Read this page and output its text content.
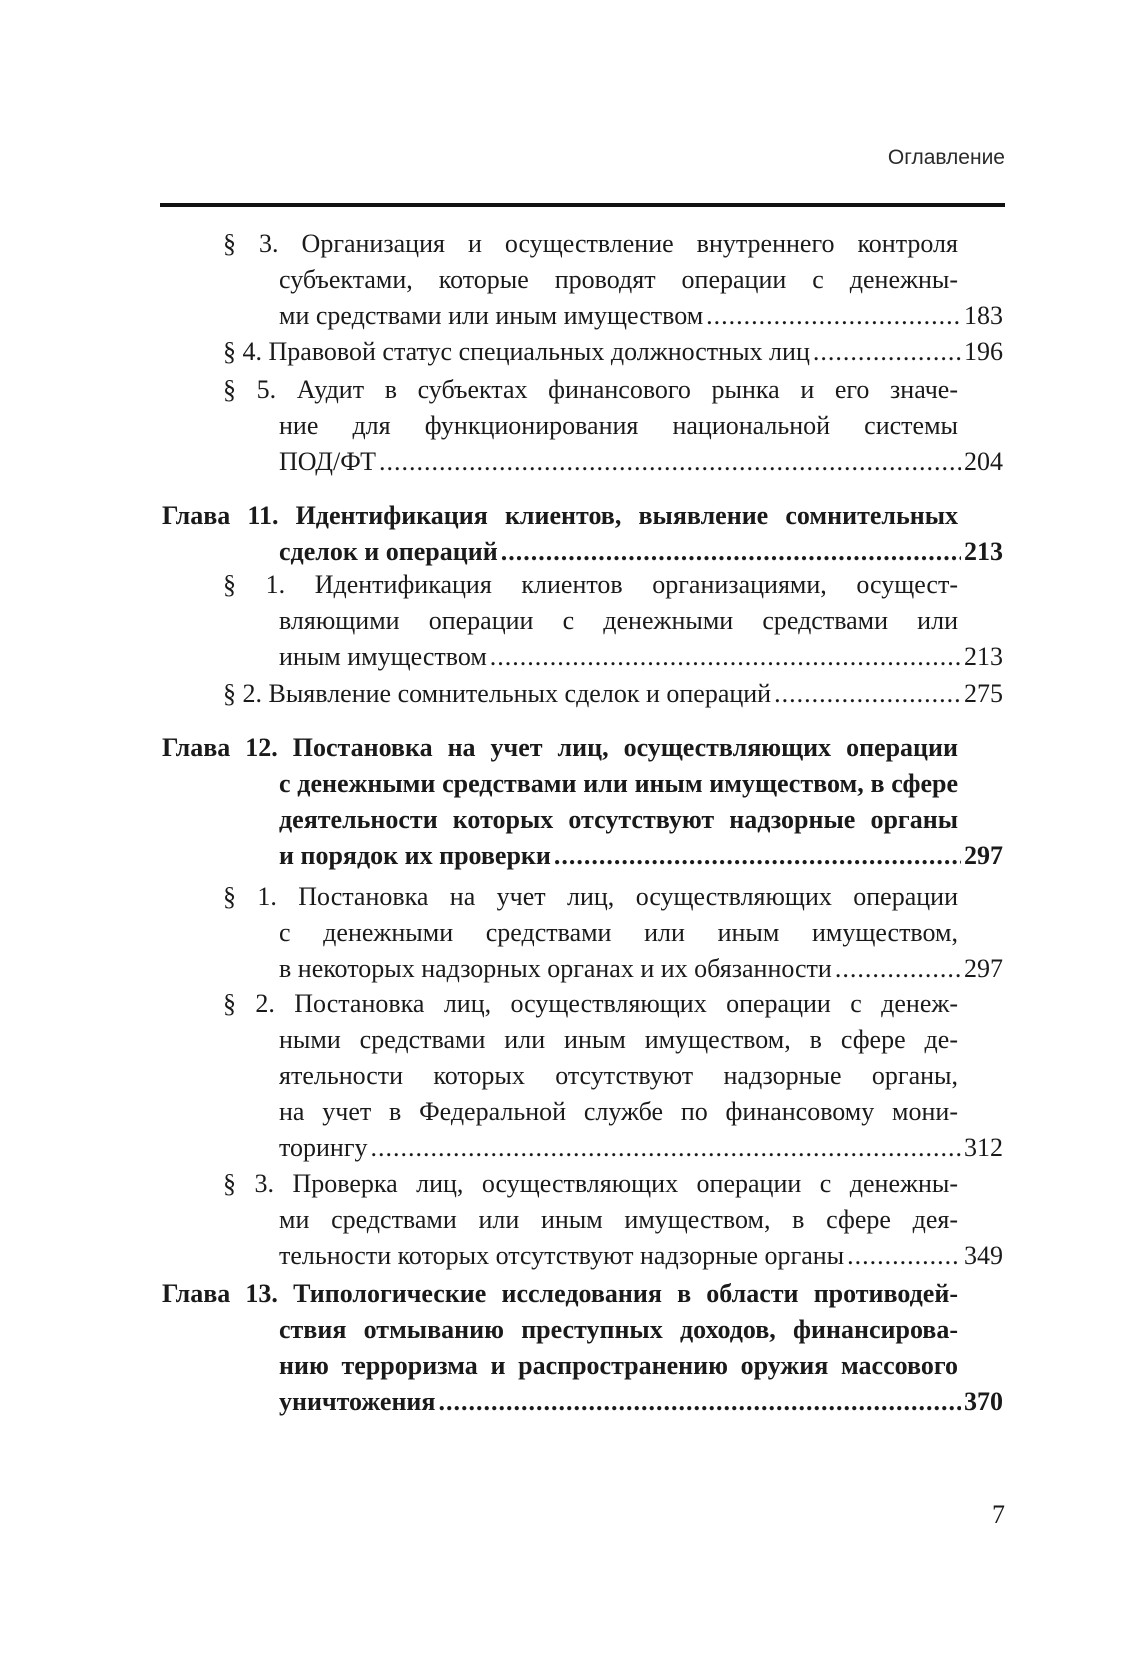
Оглавление
§ 3. Организация и осуществление внутреннего контроля
субъектами, которые проводят операции с денежны-
ми средствами или иным имуществом .....	183
§ 4. Правовой статус специальных должностных лиц .....	196
§ 5. Аудит в субъектах финансового рынка и его значе-
ние для функционирования национальной системы
ПОД/ФТ .....	204
Глава 11. Идентификация клиентов, выявление сомнительных
сделок и операций .....	213
§ 1. Идентификация клиентов организациями, осущест-
вляющими операции с денежными средствами или
иным имуществом .....	213
§ 2. Выявление сомнительных сделок и операций .....	275
Глава 12. Постановка на учет лиц, осуществляющих операции
с денежными средствами или иным имуществом, в сфере
деятельности которых отсутствуют надзорные органы
и порядок их проверки .....	297
§ 1. Постановка на учет лиц, осуществляющих операции
с денежными средствами или иным имуществом,
в некоторых надзорных органах и их обязанности .....	297
§ 2. Постановка лиц, осуществляющих операции с денеж-
ными средствами или иным имуществом, в сфере де-
ятельности которых отсутствуют надзорные органы,
на учет в Федеральной службе по финансовому мони-
торингу .....	312
§ 3. Проверка лиц, осуществляющих операции с денежны-
ми средствами или иным имуществом, в сфере дея-
тельности которых отсутствуют надзорные органы .....	349
Глава 13. Типологические исследования в области противодей-
ствия отмыванию преступных доходов, финансирова-
нию терроризма и распространению оружия массового
уничтожения .....	370
7
